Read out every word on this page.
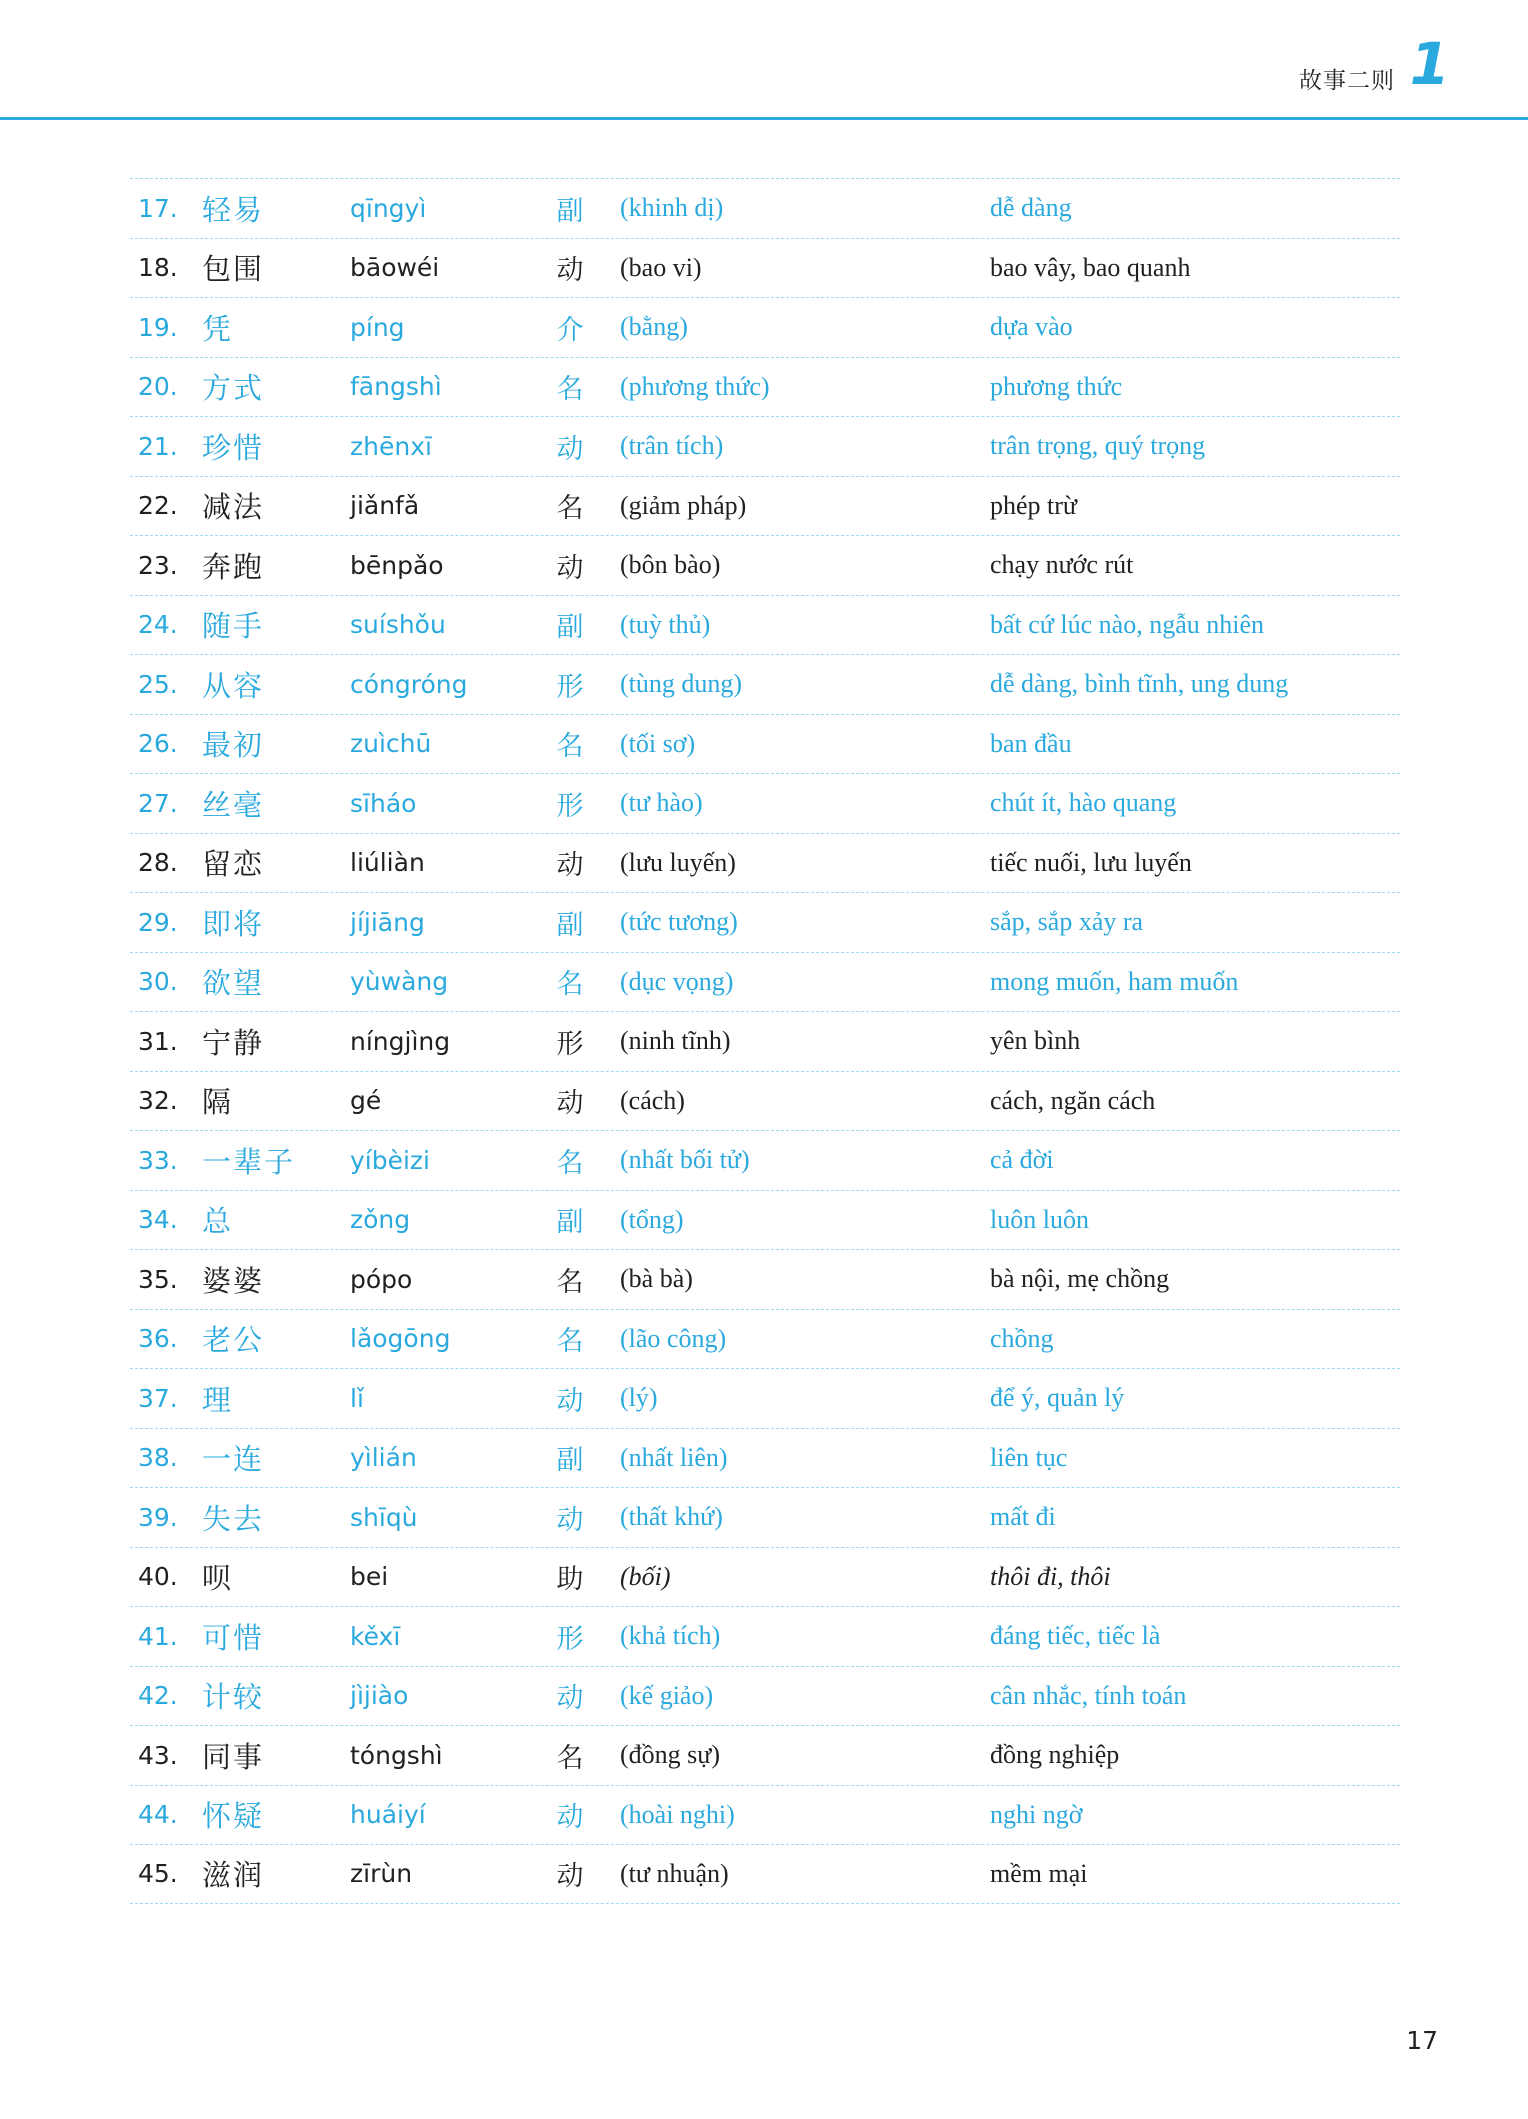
故事二则 1
17. 轻易	qīngyì	副	(khinh dị)	dễ dàng
18. 包围	bāowéi	动	(bao vi)	bao vây, bao quanh
19. 凭	píng	介	(bằng)	dựa vào
20. 方式	fāngshì	名	(phương thức)	phương thức
21. 珍惜	zhēnxī	动	(trân tích)	trân trọng, quý trọng
22. 减法	jiǎnfǎ	名	(giảm pháp)	phép trừ
23. 奔跑	bēnpǎo	动	(bôn bào)	chạy nước rút
24. 随手	suíshǒu	副	(tuỳ thủ)	bất cứ lúc nào, ngẫu nhiên
25. 从容	cóngróng	形	(tùng dung)	dễ dàng, bình tĩnh, ung dung
26. 最初	zuìchū	名	(tối sơ)	ban đầu
27. 丝毫	sīháo	形	(tư hào)	chút ít, hào quang
28. 留恋	liúliàn	动	(lưu luyến)	tiếc nuối, lưu luyến
29. 即将	jíjiāng	副	(tức tương)	sắp, sắp xảy ra
30. 欲望	yùwàng	名	(dục vọng)	mong muốn, ham muốn
31. 宁静	níngjìng	形	(ninh tĩnh)	yên bình
32. 隔	gé	动	(cách)	cách, ngăn cách
33. 一辈子	yíbèizi	名	(nhất bối tử)	cả đời
34. 总	zǒng	副	(tổng)	luôn luôn
35. 婆婆	pópo	名	(bà bà)	bà nội, mẹ chồng
36. 老公	lǎogōng	名	(lão công)	chồng
37. 理	lǐ	动	(lý)	để ý, quản lý
38. 一连	yìlián	副	(nhất liên)	liên tục
39. 失去	shīqù	动	(thất khứ)	mất đi
40. 呗	bei	助	(bối)	thôi đi, thôi
41. 可惜	kěxī	形	(khả tích)	đáng tiếc, tiếc là
42. 计较	jìjiào	动	(kế giảo)	cân nhắc, tính toán
43. 同事	tóngshì	名	(đồng sự)	đồng nghiệp
44. 怀疑	huáiyí	动	(hoài nghi)	nghi ngờ
45. 滋润	zīrùn	动	(tư nhuận)	mềm mại
17
